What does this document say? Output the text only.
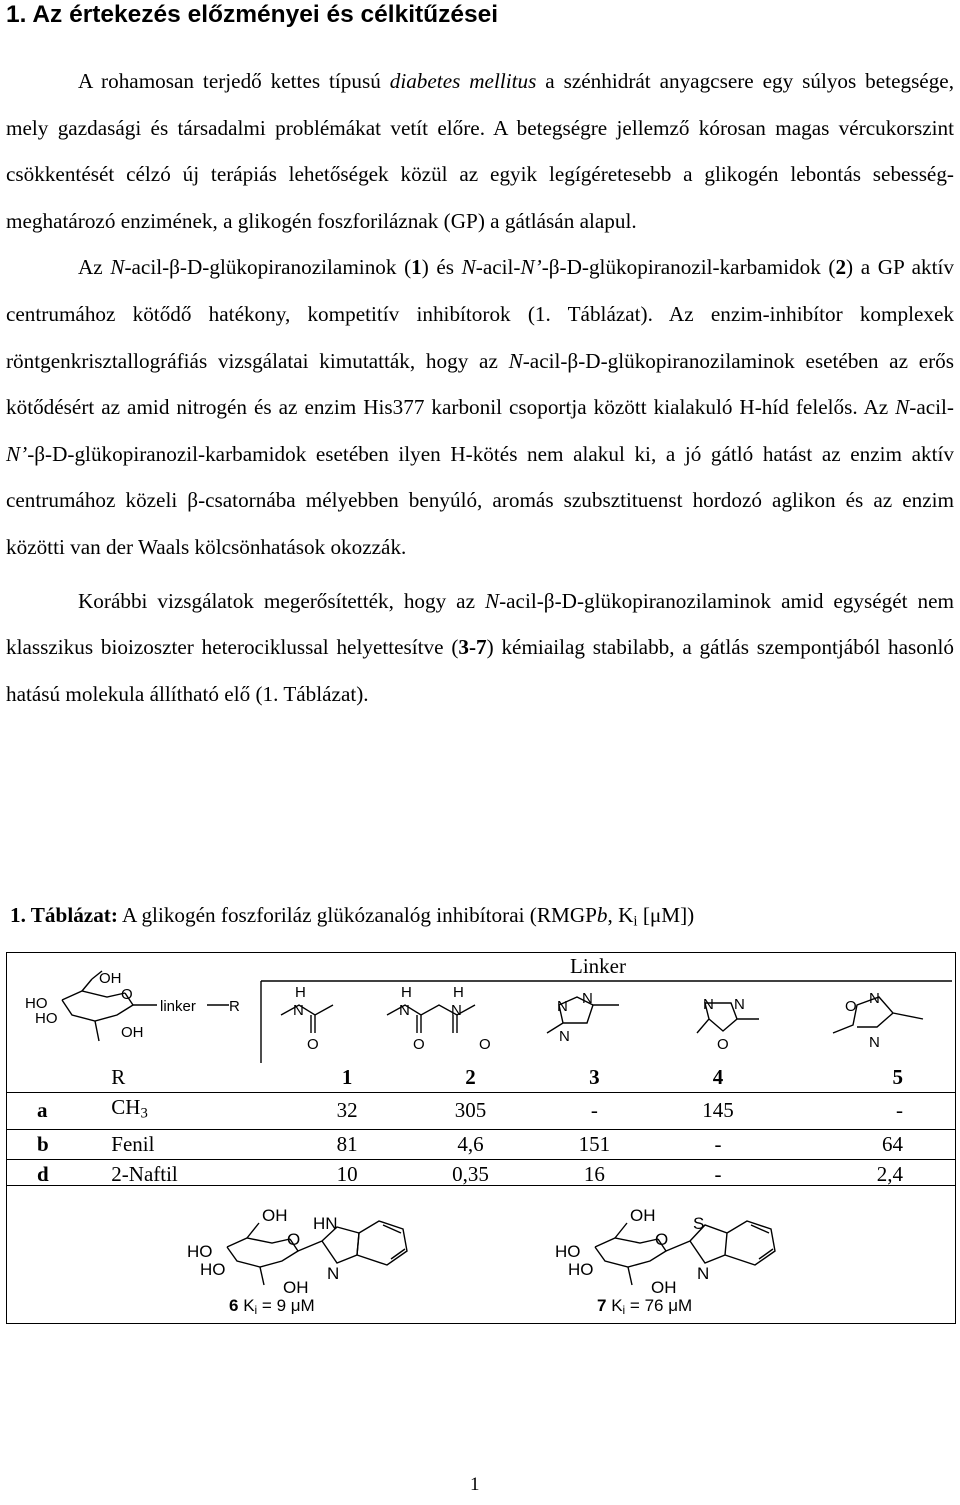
1. Az értekezés előzményei és célkitűzései

A rohamosan terjedő kettes típusú diabetes mellitus a szénhidrát anyagcsere egy súlyos betegsége, mely gazdasági és társadalmi problémákat vetít előre. A betegségre jellemző kórosan magas vércukorszint csökkentését célzó új terápiás lehetőségek közül az egyik legígéretesebb a glikogén lebontás sebesség-meghatározó enzimének, a glikogén foszforiláznak (GP) a gátlásán alapul.

Az N-acil-β-D-glükopiranozilaminok (1) és N-acil-N’-β-D-glükopiranozil-karbamidok (2) a GP aktív centrumához kötődő hatékony, kompetitív inhibítorok (1. Táblázat). Az enzim-inhibítor komplexek röntgenkrisztallográfiás vizsgálatai kimutatták, hogy az N-acil-β-D-glükopiranozilaminok esetében az erős kötődésért az amid nitrogén és az enzim His377 karbonil csoportja között kialakuló H-híd felelős. Az N-acil-N’-β-D-glükopiranozil-karbamidok esetében ilyen H-kötés nem alakul ki, a jó gátló hatást az enzim aktív centrumához közeli β-csatornába mélyebben benyúló, aromás szubsztituenst hordozó aglikon és az enzim közötti van der Waals kölcsönhatások okozzák.

Korábbi vizsgálatok megerősítették, hogy az N-acil-β-D-glükopiranozilaminok amid egységét nem klasszikus bioizoszter heterociklussal helyettesítve (3-7) kémiailag stabilabb, a gátlás szempontjából hasonló hatású molekula állítható elő (1. Táblázat).

1. Táblázat: A glikogén foszforiláz glükózanalóg inhibítorai (RMGPb, $K_i$ [μM])
OH
O
HO
HO
OH
linker R
H
N
O
H
N
O
H
N
O
N N
N
N N
O
O N
N
Linker
	R	1	2	3	4	5
a	$CH_3$	32	305	-	145	-
b	Fenil	81	4,6	151	-	64
d	2-Naftil	10	0,35	16	-	2,4
OH
O
HO
HO
OH
HN
N
OH
O
HO
HO
OH
S
N
6 $K_i = 9$ μM	7 $K_i = 76$ μM
1
